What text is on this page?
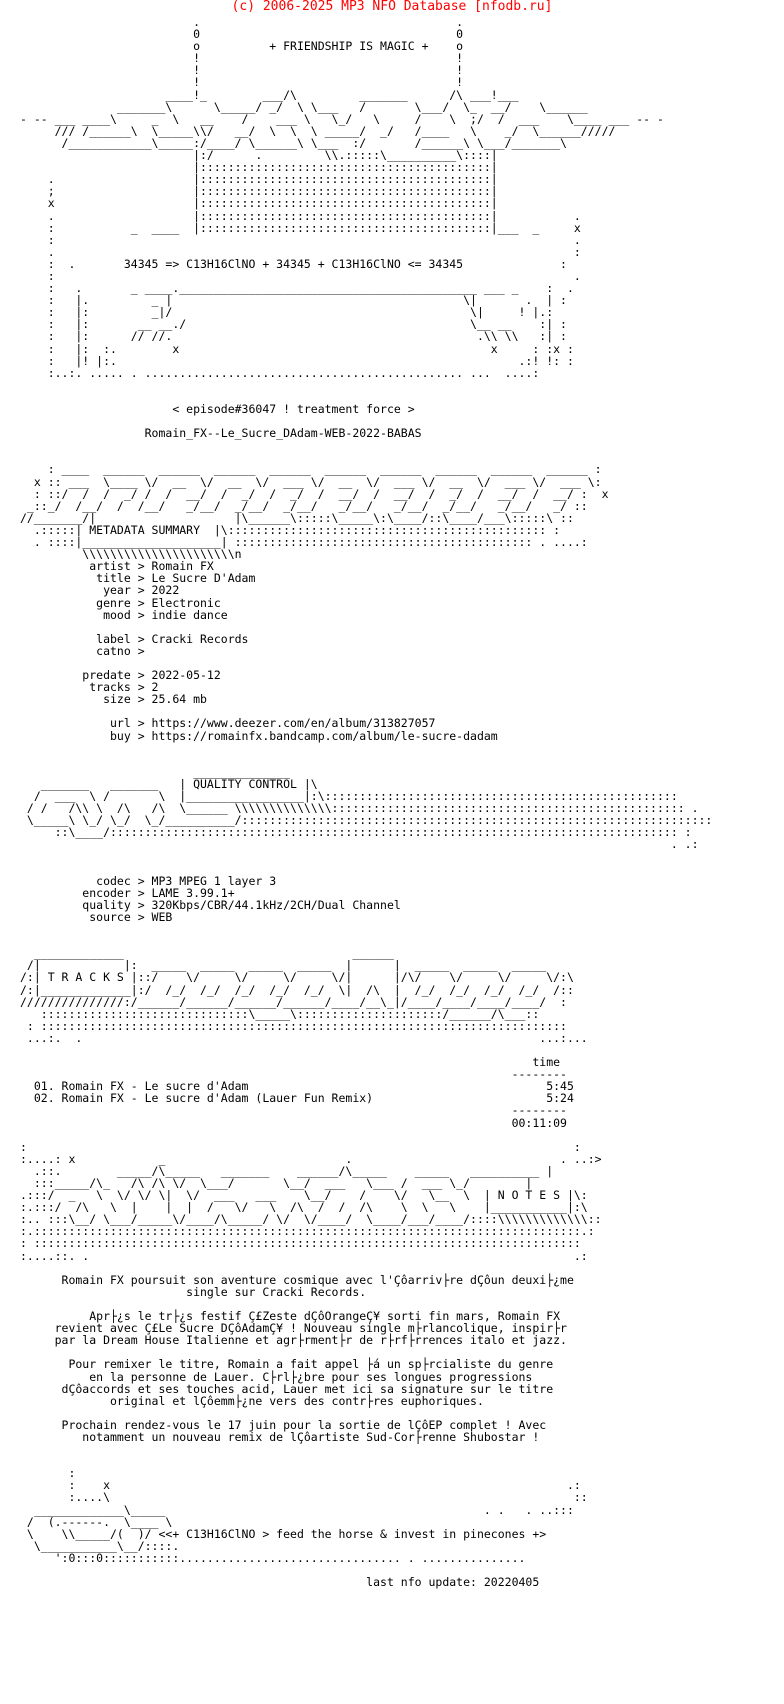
(c) 2006-2025 MP3 NFO Database [nfodb.ru]
.                                     .
0                                     0
o          + FRIENDSHIP IS MAGIC +    o
!                                     !
!                                     !
!                                     !
____!_        ___/\         _______      /\ ___!___
_______\      \_____/ _/  \ \___   /       \___/  \_  __/    \______
- -- ___ ____\     _  \   __    /    ___ \   \_/   \     /    \  ;/  /  ___    \____ ___ -- -
/// /______\  \_____\\/   __/  \  \  \ _____/  _/   /____   \    _/  \______/////
/____________\_____:/____/ \______\ \___  :/       /______\ \___/_______\
|:/      .         \\.:::::\__________\::::|
|::::::::::::::::::::::::::::::::::::::::::|
.                    |::::::::::::::::::::::::::::::::::::::::::|
;                    |::::::::::::::::::::::::::::::::::::::::::|
x                    |::::::::::::::::::::::::::::::::::::::::::|
.                    |::::::::::::::::::::::::::::::::::::::::::|           .
:           _  ____  |::::::::::::::::::::::::::::::::::::::::::|___  _     x
:                                                                           .
.                                                                           :
:  .       34345 => C13H16ClNO + 34345 + C13H16ClNO <= 34345              :
:                                                                           .
:   .       _ ____.___________________________________________ ___ _    :  .
:   |.         _ |                                          \|       .  | :
:   |:         _|/                                           \|     ! |.:
:   |:       __ __./                                         \__ __    :| :
:   |:      // //.                                            .\\ \\   :| :
:   |:  :.        x                                             x     : :x :
:   |! |:.                                                          .:! !: :
:..:. ..... . .............................................. ...  ....:

< episode#36047 ! treatment force >

Romain_FX--Le_Sucre_DAdam-WEB-2022-BABAS

: ____  ______  ______  ______  ______  ______  ______  ______  ______  ______ :
x :: ___  \____ \/  __  \/  __  \/  ___ \/  __  \/  ___ \/  __  \/  ___ \/  ___ \:
: ::/  /  /  _/ /  /  __/  /  _/  /  _/  /  __/  /  __/  /  _/  /  __/  /  __/ :  x
_::_/  /__/  /  /__/   _/__/  _/__/  _/__/   _/__/   _/__/  _/__/   _/__/   _/ ::
//_______/|                    |\______\:::::\_____\:\____/::\____/___\:::::\ ::
.:::::| METADATA SUMMARY  |\:::::::::::::::::::::::::::::::::::::::::::::: :
. ::::|____________________| ::::::::::::::::::::::::::::::::::::::::::: . ....:
\\\\\\\\\\\\\\\\\\\\\\n
artist > Romain FX
title > Le Sucre D'Adam
year > 2022
genre > Electronic
mood > indie dance

label > Cracki Records
catno >

predate > 2022-05-12
tracks > 2
size > 25.64 mb

url > https://www.deezer.com/en/album/313827057
buy > https://romainfx.bandcamp.com/album/le-sucre-dadam

______________
_______   _______   | QUALITY CONTROL |\
/  ___  \ /       \  |_________________|:\:::::::::::::::::::::::::::::::::::::::::::::::::::
/ /   /\\ \  /\   /\  \______ \\\\\\\\\\\\\\::::::::::::::::::::::::::::::::::::::::::::::::::: .
\_____\ \_/ \_/  \_/__________/::::::::::::::::::::::::::::::::::::::::::::::::::::::::::::::::::::
::\____/:::::::::::::::::::::::::::::::::::::::::::::::::::::::::::::::::::::::::::::::::: :
. .:

codec > MP3 MPEG 1 layer 3
encoder > LAME 3.99.1+
quality > 320Kbps/CBR/44.1kHz/2CH/Dual Channel
source > WEB

_____________                                 ______
/|            |:  _____  _____  _____  _____  |      |  _____  _____  _____
/:| T R A C K S |::/    \/     \/     \/     \/|      |/\/    \/     \/     \/:\
/:|_____________|:/  /_/  /_/  /_/  /_/  /_/  \|  /\  |  /_/  /_/  /_/  /_/  /::
///////////////:/______/______/______/______/____/__\_|/____/____/____/____/  :
::::::::::::::::::::::::::::::\_____\:::::::::::::::::::::/______/\___::
: ::::::::::::::::::::::::::::::::::::::::::::::::::::::::::::::::::::::::::::
...:.  .                                                                  ...:...

time
--------
01. Romain FX - Le sucre d'Adam                                           5:45
02. Romain FX - Le sucre d'Adam (Lauer Fun Remix)                         5:24
--------
00:11:09

:                                                                               :
:....: x            _                          .                              . ..:>
.::.        _____/\_____   _______    ______/\_____    _____   __________ |
:::_____/\_   /\ /\ \/  \___/       \__/  ___   \___ /  ___ \_/        |
.:::/  _   \  \/ \/ \|  \/  ___   ___    \__/    /    \/   \__  \  | N O T E S |\:
:.:::/  /\   \  |    |  |  /   \/   \  /\  /  /  /\    \  \   \    |___________|:\
:.. :::\__/ \___/_____\/____/\_____/ \/  \/____/  \____/___/____/::::\\\\\\\\\\\\\::
:.:::::::::::::::::::::::::::::::::::::::::::::::::::::::::::::::::::::::::::::::.:
: :::::::::::::::::::::::::::::::::::::::::::::::::::::::::::::::::::::::::::::::
:....::. .                                                                      .:

Romain FX poursuit son aventure cosmique avec l'Çôarriv├re dÇôun deuxi├¿me
single sur Cracki Records.

Apr├¿s le tr├¿s festif Ç£Zeste dÇôOrangeÇ¥ sorti fin mars, Romain FX
revient avec Ç£Le Sucre DÇôAdamÇ¥ ! Nouveau single m├rlancolique, inspir├r
par la Dream House Italienne et agr├rment├r de r├rf├rrences italo et jazz.

Pour remixer le titre, Romain a fait appel ├á un sp├rcialiste du genre
en la personne de Lauer. C├rl├¿bre pour ses longues progressions
dÇôaccords et ses touches acid, Lauer met ici sa signature sur le titre
original et lÇôemm├¿ne vers des contr├res euphoriques.

Prochain rendez-vous le 17 juin pour la sortie de lÇôEP complet ! Avec
notamment un nouveau remix de lÇôartiste Sud-Cor├renne Shubostar !

:
:    x                                                                  .:
:....\                                                                   ::
_____________\_____                                              . .   . ..:::
/  (.------.  \____ \
\    \\_____/(  )/ <<+ C13H16ClNO > feed the horse & invest in pinecones +>
\___________\__/::::.
':0:::0:::::::::::................................ . ...............

last nfo update: 20220405
